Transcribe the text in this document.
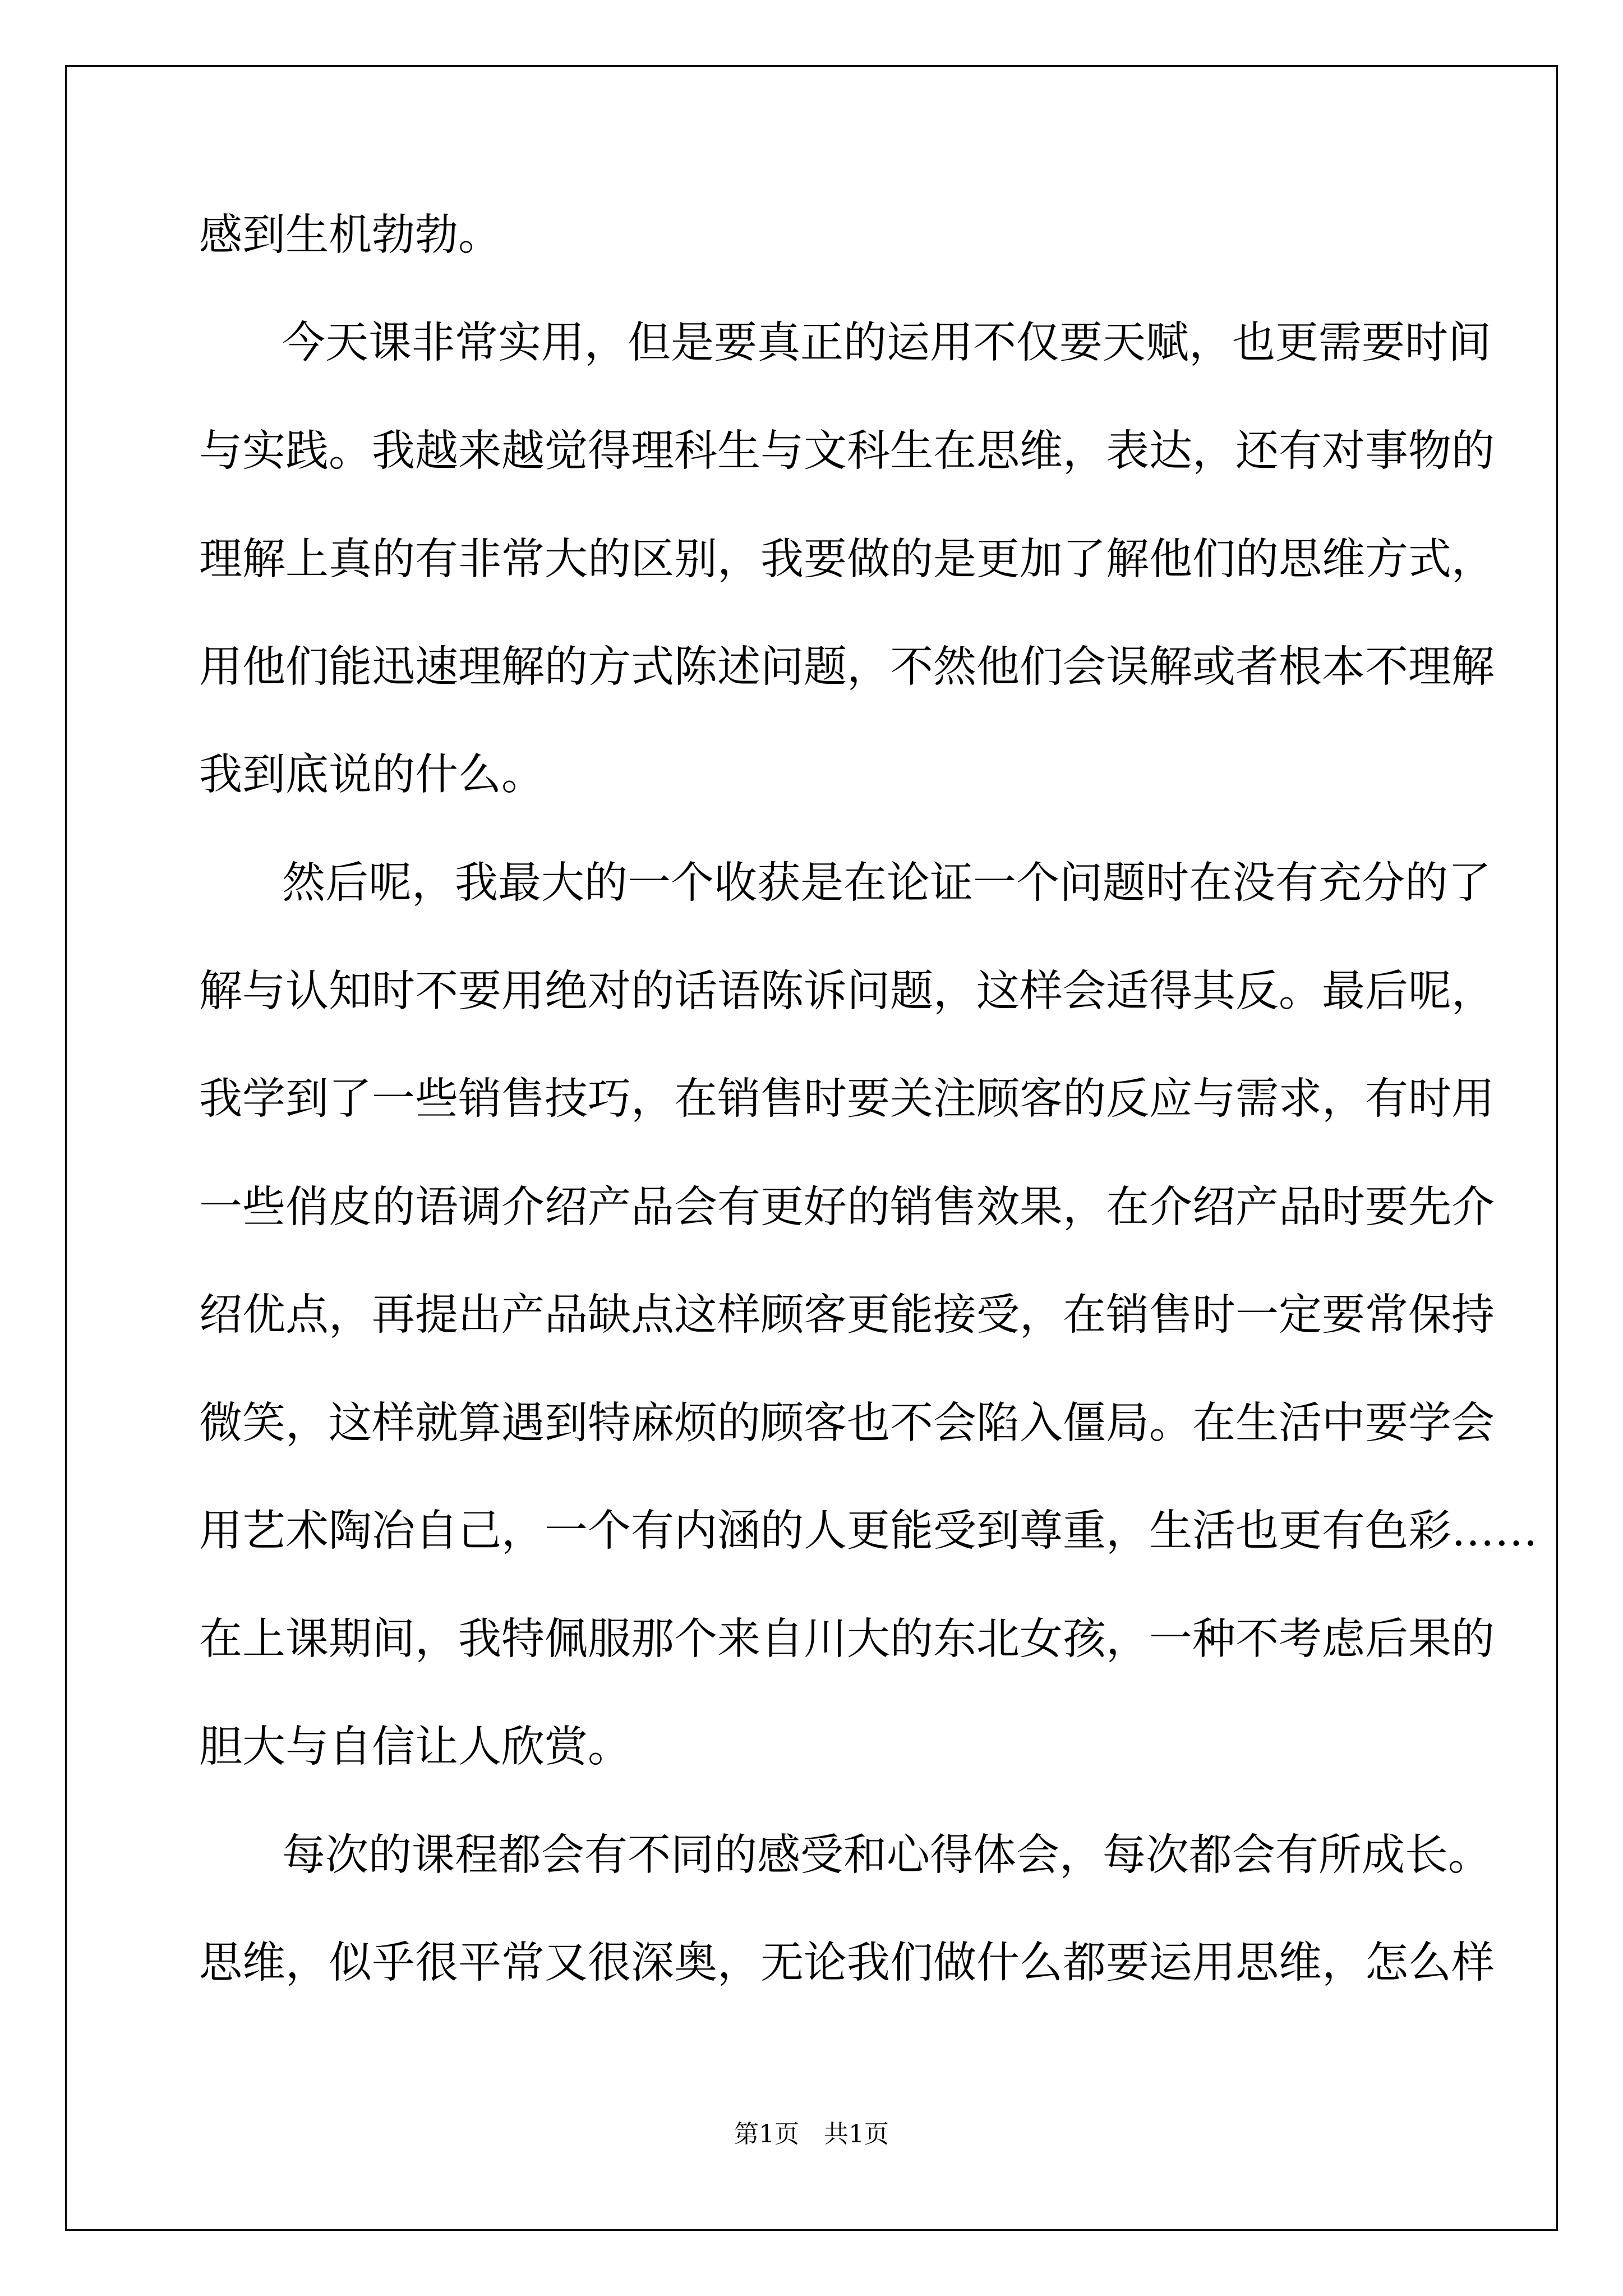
感到生机勃勃。

今天课非常实用，但是要真正的运用不仅要天赋，也更需要时间

与实践。我越来越觉得理科生与文科生在思维，表达，还有对事物的

理解上真的有非常大的区别，我要做的是更加了解他们的思维方式，

用他们能迅速理解的方式陈述问题，不然他们会误解或者根本不理解

我到底说的什么。

然后呢，我最大的一个收获是在论证一个问题时在没有充分的了

解与认知时不要用绝对的话语陈诉问题，这样会适得其反。最后呢，

我学到了一些销售技巧，在销售时要关注顾客的反应与需求，有时用

一些俏皮的语调介绍产品会有更好的销售效果，在介绍产品时要先介

绍优点，再提出产品缺点这样顾客更能接受，在销售时一定要常保持

微笑，这样就算遇到特麻烦的顾客也不会陷入僵局。在生活中要学会

用艺术陶冶自己，一个有内涵的人更能受到尊重，生活也更有色彩……

在上课期间，我特佩服那个来自川大的东北女孩，一种不考虑后果的

胆大与自信让人欣赏。

每次的课程都会有不同的感受和心得体会，每次都会有所成长。

思维，似乎很平常又很深奥，无论我们做什么都要运用思维，怎么样

第1页　共1页
